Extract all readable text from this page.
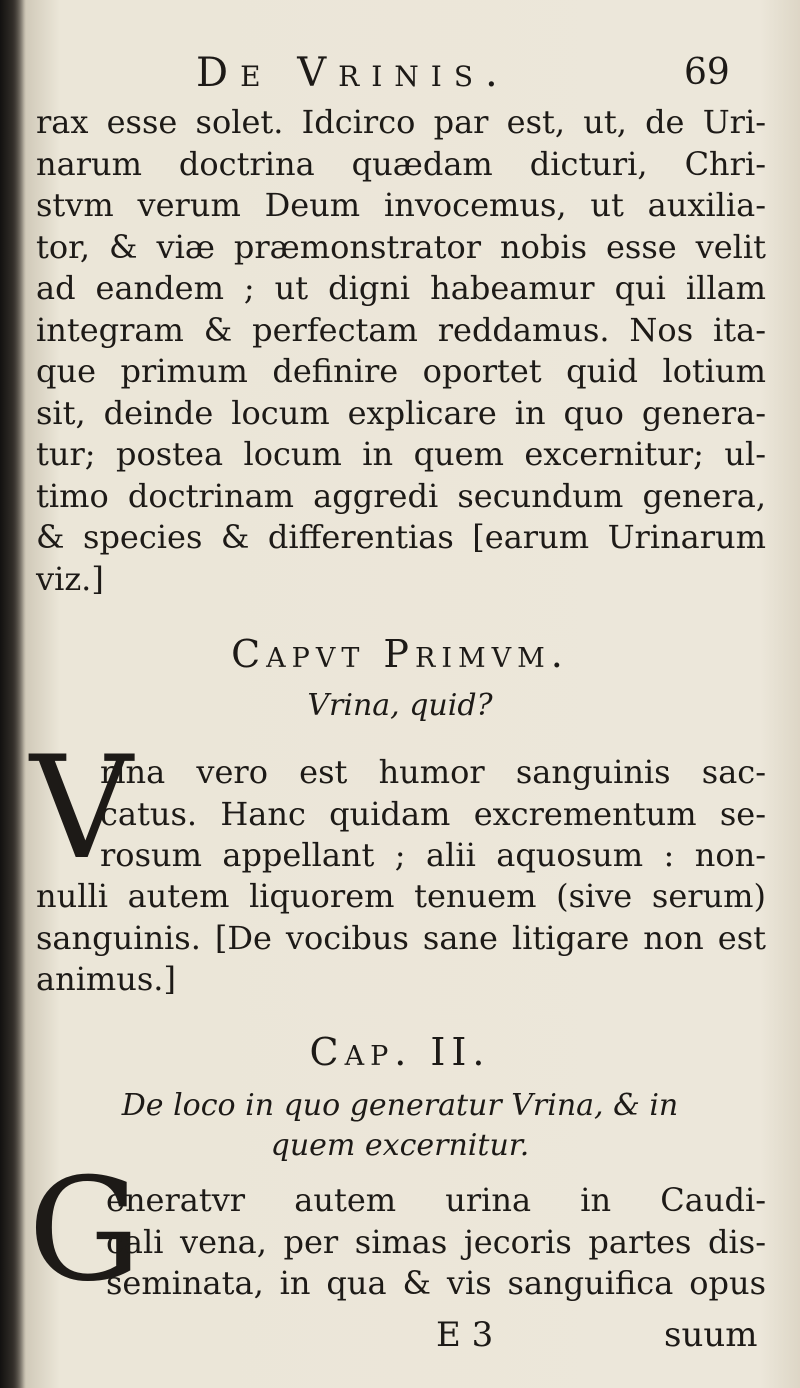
De Vrinis.	69
rax esse solet. Idcirco par est, ut, de Uri-
narum doctrina quædam dicturi, Chri-
stvm verum Deum invocemus, ut auxilia-
tor, & viæ præmonstrator nobis esse velit
ad eandem ; ut digni habeamur qui illam
integram & perfectam reddamus. Nos ita-
que primum definire oportet quid lotium
sit, deinde locum explicare in quo genera-
tur; postea locum in quem excernitur; ul-
timo doctrinam aggredi secundum genera,
& species & differentias [earum Urinarum
viz.]
Capvt Primvm.
Vrina, quid?
V
rina vero est humor sanguinis sac-
catus. Hanc quidam excrementum se-
rosum appellant ; alii aquosum : non-
nulli autem liquorem tenuem (sive serum)
sanguinis. [De vocibus sane litigare non est
animus.]
Cap. II.
De loco in quo generatur Vrina, & in
quem excernitur.
G
eneratvr autem urina in Caudi-
cali vena, per simas jecoris partes dis-
seminata, in qua & vis sanguifica opus
E 3	suum
